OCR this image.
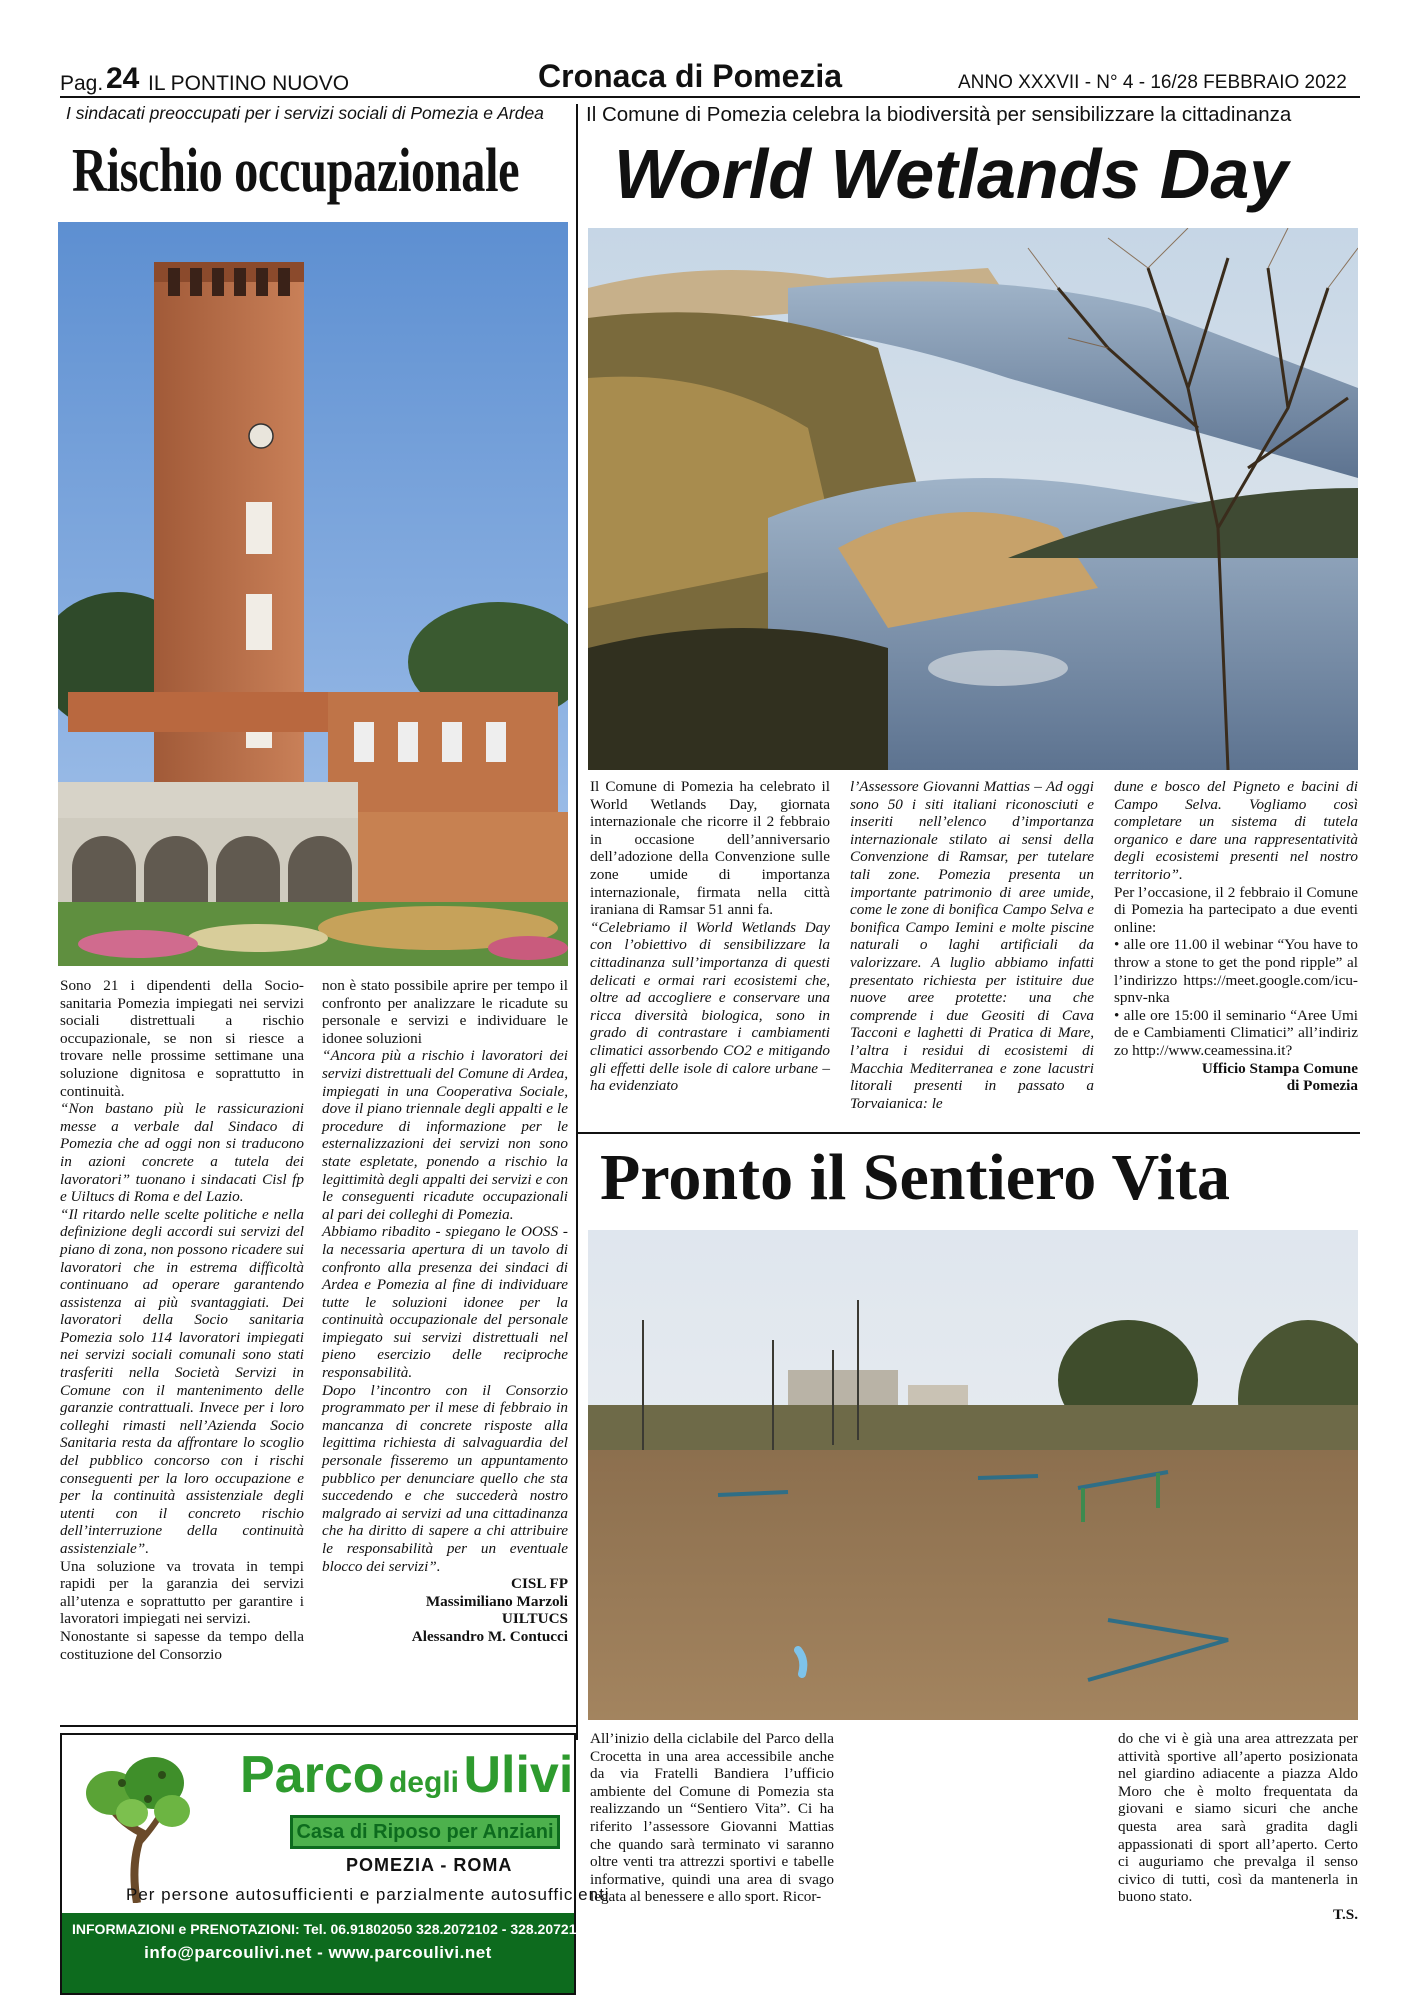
Pag. 24 IL PONTINO NUOVO	Cronaca di Pomezia	ANNO XXXVII - N° 4 - 16/28 FEBBRAIO 2022
I sindacati preoccupati per i servizi sociali di Pomezia e Ardea
Rischio occupazionale

Sono 21 i dipendenti della Socio-sanitaria Pomezia impiegati nei servizi sociali distrettuali a rischio occupazionale, se non si riesce a trovare nelle prossime settimane una soluzione dignitosa e soprattutto in continuità.

“Non bastano più le rassicurazioni messe a verbale dal Sindaco di Pomezia che ad oggi non si traducono in azioni concrete a tutela dei lavoratori” tuonano i sindacati Cisl fp e Uiltucs di Roma e del Lazio.

“Il ritardo nelle scelte politiche e nella definizione degli accordi sui servizi del piano di zona, non possono ricadere sui lavoratori che in estrema difficoltà continuano ad operare garantendo assistenza ai più svantaggiati. Dei lavoratori della Socio sanitaria Pomezia solo 114 lavoratori impiegati nei servizi sociali comunali sono stati trasferiti nella Società Servizi in Comune con il mantenimento delle garanzie contrattuali. Invece per i loro colleghi rimasti nell’Azienda Socio Sanitaria resta da affrontare lo scoglio del pubblico concorso con i rischi conseguenti per la loro occupazione e per la continuità assistenziale degli utenti con il concreto rischio dell’interruzione della continuità assistenziale”.

Una soluzione va trovata in tempi rapidi per la garanzia dei servizi all’utenza e soprattutto per garantire i lavoratori impiegati nei servizi.

Nonostante si sapesse da tempo della costituzione del Consorzio

non è stato possibile aprire per tempo il confronto per analizzare le ricadute su personale e servizi e individuare le idonee soluzioni

“Ancora più a rischio i lavoratori dei servizi distrettuali del Comune di Ardea, impiegati in una Cooperativa Sociale, dove il piano triennale degli appalti e le procedure di informazione per le esternalizzazioni dei servizi non sono state espletate, ponendo a rischio la legittimità degli appalti dei servizi e con le conseguenti ricadute occupazionali al pari dei colleghi di Pomezia.

Abbiamo ribadito - spiegano le OOSS - la necessaria apertura di un tavolo di confronto alla presenza dei sindaci di Ardea e Pomezia al fine di individuare tutte le soluzioni idonee per la continuità occupazionale del personale impiegato sui servizi distrettuali nel pieno esercizio delle reciproche responsabilità.

Dopo l’incontro con il Consorzio programmato per il mese di febbraio in mancanza di concrete risposte alla legittima richiesta di salvaguardia del personale fisseremo un appuntamento pubblico per denunciare quello che sta succedendo e che succederà nostro malgrado ai servizi ad una cittadinanza che ha diritto di sapere a chi attribuire le responsabilità per un eventuale blocco dei servizi”.

CISL FP
Massimiliano Marzoli
UILTUCS
Alessandro M. Contucci
Il Comune di Pomezia celebra la biodiversità per sensibilizzare la cittadinanza
World Wetlands Day

Il Comune di Pomezia ha celebrato il World Wetlands Day, giornata internazionale che ricorre il 2 febbraio in occasione dell’anniversario dell’adozione della Convenzione sulle zone umide di importanza internazionale, firmata nella città iraniana di Ramsar 51 anni fa.

“Celebriamo il World Wetlands Day con l’obiettivo di sensibilizzare la cittadinanza sull’importanza di questi delicati e ormai rari ecosistemi che, oltre ad accogliere e conservare una ricca diversità biologica, sono in grado di contrastare i cambiamenti climatici assorbendo CO2 e mitigando gli effetti delle isole di calore urbane – ha evidenziato

l’Assessore Giovanni Mattias – Ad oggi sono 50 i siti italiani riconosciuti e inseriti nell’elenco d’importanza internazionale stilato ai sensi della Convenzione di Ramsar, per tutelare tali zone. Pomezia presenta un importante patrimonio di aree umide, come le zone di bonifica Campo Selva e bonifica Campo Iemini e molte piscine naturali o laghi artificiali da valorizzare. A luglio abbiamo infatti presentato richiesta per istituire due nuove aree protette: una che comprende i due Geositi di Cava Tacconi e laghetti di Pratica di Mare, l’altra i residui di ecosistemi di Macchia Mediterranea e zone lacustri litorali presenti in passato a Torvaianica: le

dune e bosco del Pigneto e bacini di Campo Selva. Vogliamo così completare un sistema di tutela organico e dare una rappresentatività degli ecosistemi presenti nel nostro territorio”.

Per l’occasione, il 2 febbraio il Comune di Pomezia ha partecipato a due eventi online:

• alle ore 11.00 il webinar “You have to throw a stone to get the pond ripple” all’indirizzo https://meet.google.com/icu-spnv-nka

• alle ore 15:00 il seminario “Aree Umide e Cambiamenti Climatici” all’indirizzo http://www.ceamessina.it?

Ufficio Stampa Comune
di Pomezia
Pronto il Sentiero Vita

All’inizio della ciclabile del Parco della Crocetta in una area accessibile anche da via Fratelli Bandiera l’ufficio ambiente del Comune di Pomezia sta realizzando un “Sentiero Vita”. Ci ha riferito l’assessore Giovanni Mattias che quando sarà terminato vi saranno oltre venti tra attrezzi sportivi e tabelle informative, quindi una area di svago legata al benessere e allo sport. Ricor-

do che vi è già una area attrezzata per attività sportive all’aperto posizionata nel giardino adiacente a piazza Aldo Moro che è molto frequentata da giovani e siamo sicuri che anche questa area sarà gradita dagli appassionati di sport all’aperto. Certo ci auguriamo che prevalga il senso civico di tutti, così da mantenerla in buono stato.

T.S.
Parco degli Ulivi
Casa di Riposo per Anziani
POMEZIA - ROMA
Per persone autosufficienti e parzialmente autosufficienti
INFORMAZIONI e PRENOTAZIONI: Tel. 06.91802050 328.2072102 - 328.2072100
info@parcoulivi.net - www.parcoulivi.net
